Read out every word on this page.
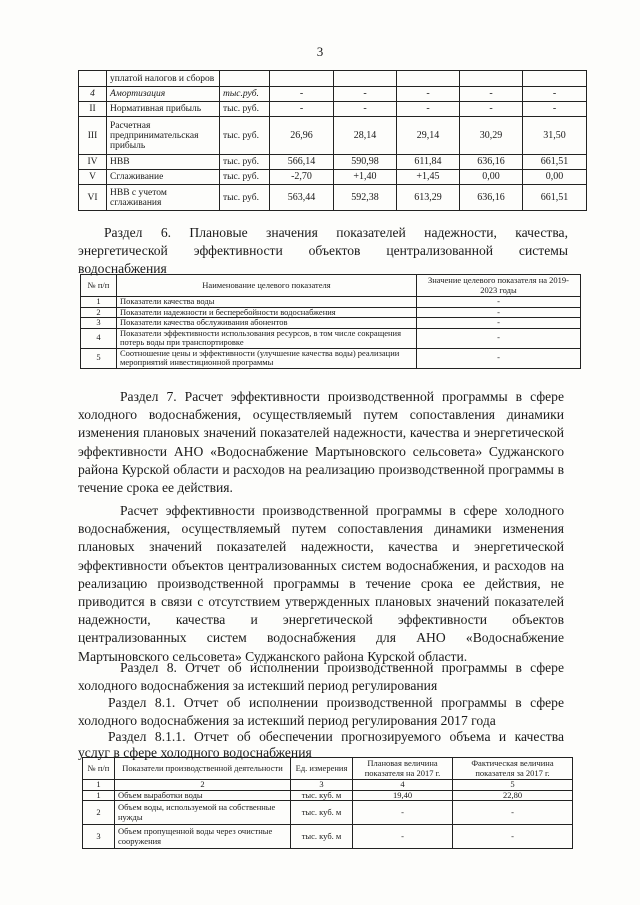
3
	уплатой налогов и сборов						
4	Амортизация	тыс.руб.	-	-	-	-	-
II	Нормативная прибыль	тыс. руб.	-	-	-	-	-
III	Расчетная предпринимательская прибыль	тыс. руб.	26,96	28,14	29,14	30,29	31,50
IV	НВВ	тыс. руб.	566,14	590,98	611,84	636,16	661,51
V	Сглаживание	тыс. руб.	-2,70	+1,40	+1,45	0,00	0,00
VI	НВВ с учетом сглаживания	тыс. руб.	563,44	592,38	613,29	636,16	661,51
Раздел 6. Плановые значения показателей надежности, качества,
энергетической эффективности объектов централизованной системы
водоснабжения
№ п/п	Наименование целевого показателя	Значение целевого показателя на 2019-2023 годы
1	Показатели качества воды	-
2	Показатели надежности и бесперебойности водоснабжения	-
3	Показатели качества обслуживания абонентов	-
4	Показатели эффективности использования ресурсов, в том числе сокращения потерь воды при транспортировке	-
5	Соотношение цены и эффективности (улучшение качества воды) реализации мероприятий инвестиционной программы	-
Раздел 7. Расчет эффективности производственной программы в сфере холодного водоснабжения, осуществляемый путем сопоставления динамики изменения плановых значений показателей надежности, качества и энергетической эффективности АНО «Водоснабжение Мартыновского сельсовета» Суджанского района Курской области и расходов на реализацию производственной программы в течение срока ее действия.
Расчет эффективности производственной программы в сфере холодного водоснабжения, осуществляемый путем сопоставления динамики изменения плановых значений показателей надежности, качества и энергетической эффективности объектов централизованных систем водоснабжения, и расходов на реализацию производственной программы в течение срока ее действия, не приводится в связи с отсутствием утвержденных плановых значений показателей надежности, качества и энергетической эффективности объектов централизованных систем водоснабжения для АНО «Водоснабжение Мартыновского сельсовета» Суджанского района Курской области.
Раздел 8. Отчет об исполнении производственной программы в сфере холодного водоснабжения за истекший период регулирования
Раздел 8.1. Отчет об исполнении производственной программы в сфере холодного водоснабжения за истекший период регулирования 2017 года
Раздел 8.1.1. Отчет об обеспечении прогнозируемого объема и качества
услуг в сфере холодного водоснабжения
№ п/п	Показатели производственной деятельности	Ед. измерения	Плановая величина показателя на 2017 г.	Фактическая величина показателя за 2017 г.
1	2	3	4	5
1	Объем выработки воды	тыс. куб. м	19,40	22,80
2	Объем воды, используемой на собственные нужды	тыс. куб. м	-	-
3	Объем пропущенной воды через очистные сооружения	тыс. куб. м	-	-
